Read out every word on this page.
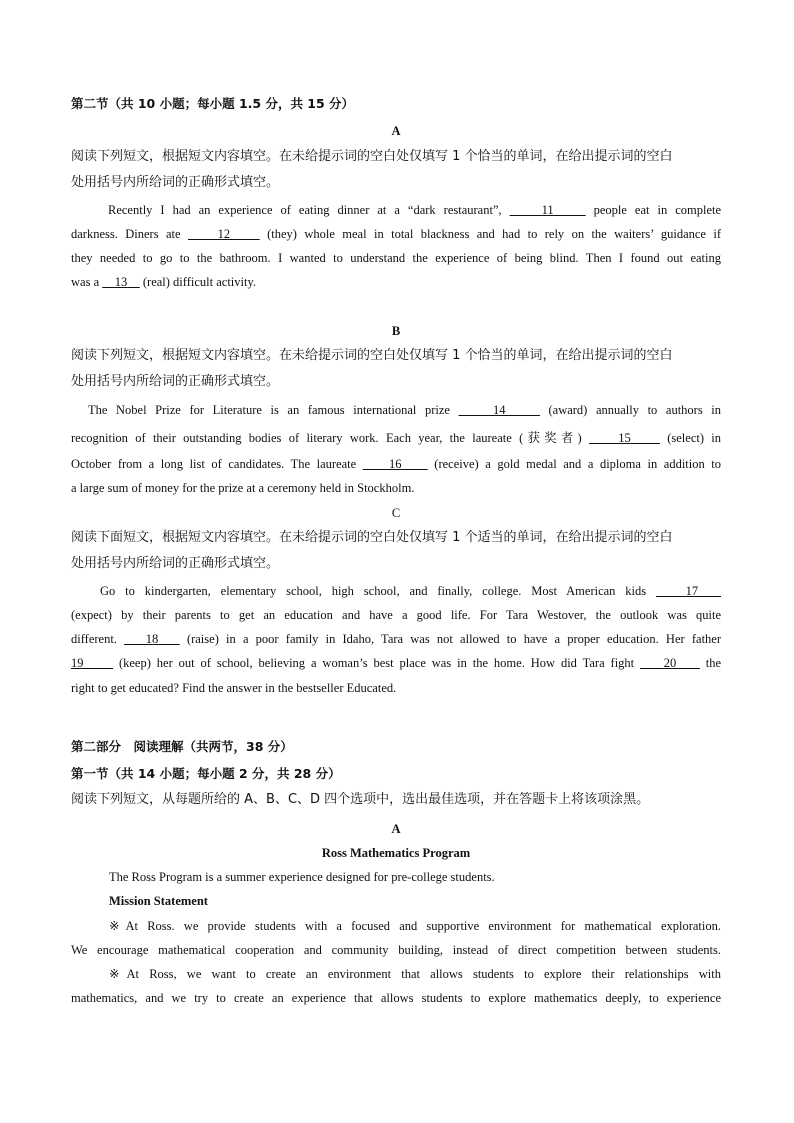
第二节（共 10 小题；每小题 1.5 分，共 15 分）
A
阅读下列短文，根据短文内容填空。在未给提示词的空白处仅填写 1 个恰当的单词，在给出提示词的空白
处用括号内所给词的正确形式填空。
Recently I had an experience of eating dinner at a “dark restaurant”,	11	people eat in complete
darkness. Diners ate	12	(they) whole meal in total blackness and had to rely on the waiters’ guidance if
they needed to go to the bathroom. I wanted to understand the experience of being blind. Then I found out eating
was a 13 (real) difficult activity.
B
阅读下列短文，根据短文内容填空。在未给提示词的空白处仅填写 1 个恰当的单词，在给出提示词的空白
处用括号内所给词的正确形式填空。
The Nobel Prize for Literature is an famous international prize	14	(award) annually to authors in
recognition of their outstanding bodies of literary work. Each year, the laureate (获奖者)	15	(select) in
October from a long list of candidates. The laureate	16	(receive) a gold medal and a diploma in addition to
a large sum of money for the prize at a ceremony held in Stockholm.
C
阅读下面短文，根据短文内容填空。在未给提示词的空白处仅填写 1 个适当的单词，在给出提示词的空白
处用括号内所给词的正确形式填空。
Go to kindergarten, elementary school, high school, and finally, college. Most American kids	17
(expect) by their parents to get an education and have a good life. For Tara Westover, the outlook was quite
different. 18 (raise) in a poor family in Idaho, Tara was not allowed to have a proper education. Her father
19	(keep) her out of school, believing a woman’s best place was in the home. How did Tara fight 20 the
right to get educated? Find the answer in the bestseller Educated.
第二部分　阅读理解（共两节，38 分）
第一节（共 14 小题；每小题 2 分，共 28 分）
阅读下列短文，从每题所给的 A、B、C、D 四个选项中，选出最佳选项，并在答题卡上将该项涂黑。
A
Ross Mathematics Program
The Ross Program is a summer experience designed for pre-college students.
Mission Statement
※At Ross. we provide students with a focused and supportive environment for mathematical exploration.
We encourage mathematical cooperation and community building, instead of direct competition between students.
※At Ross, we want to create an environment that allows students to explore their relationships with
mathematics, and we try to create an experience that allows students to explore mathematics deeply, to experience
